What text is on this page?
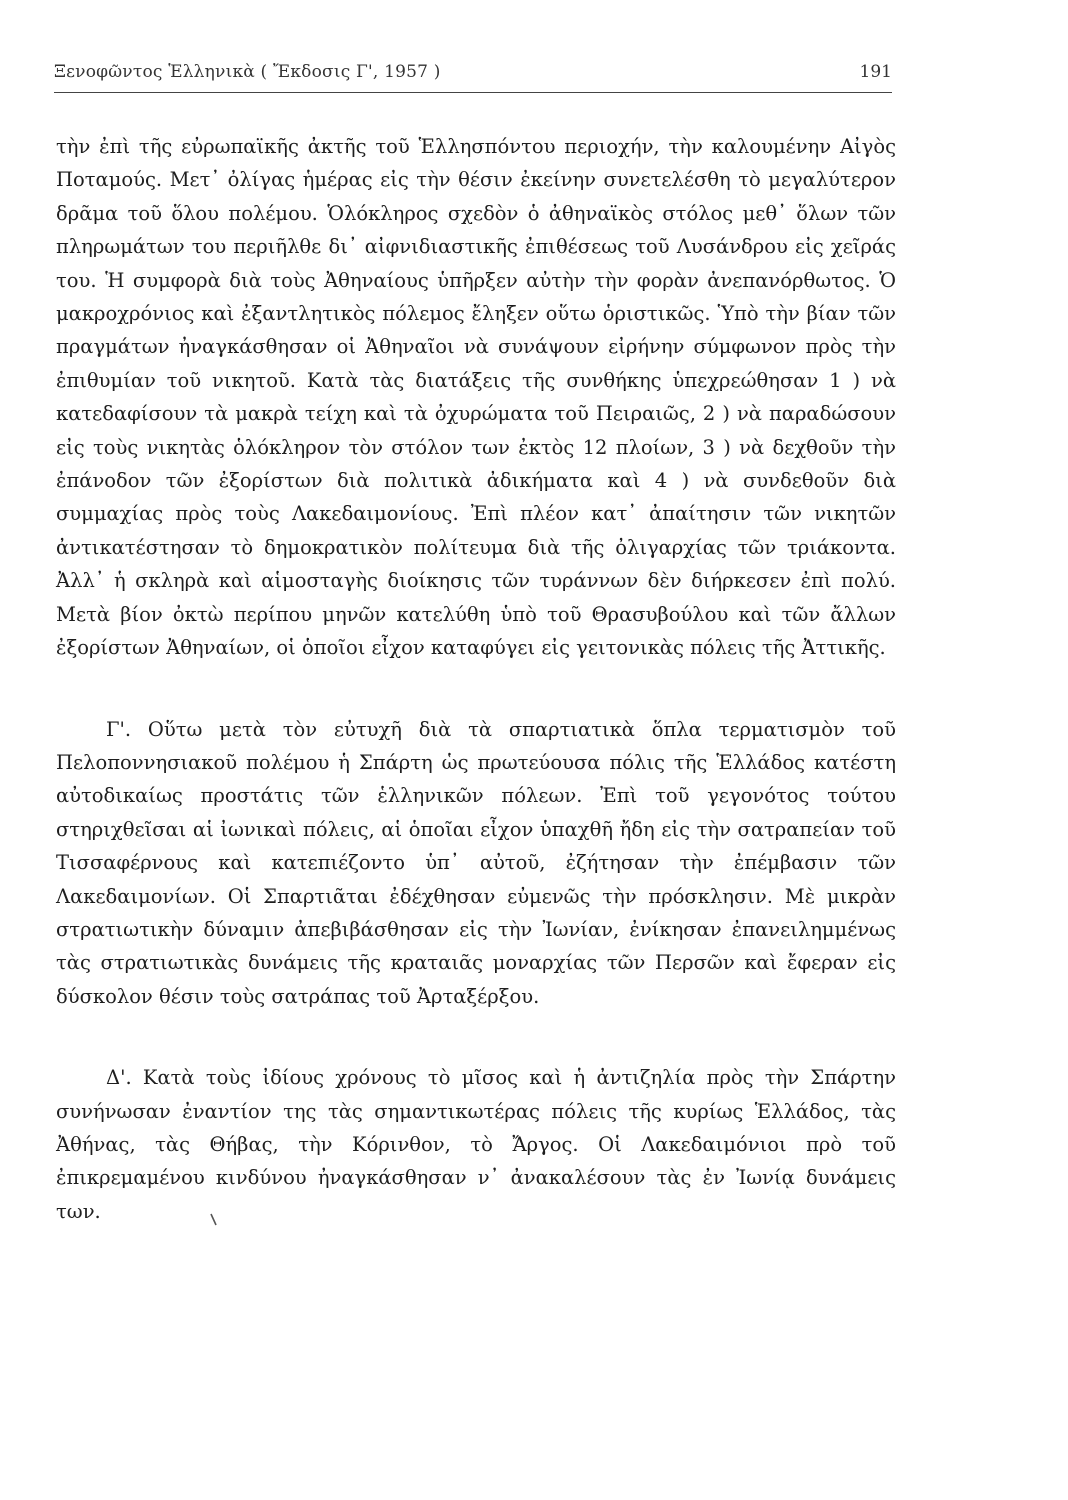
Ξενοφῶντος Ἑλληνικὰ ( Ἔκδοσις Γ', 1957 )	191

τὴν ἐπὶ τῆς εὐρωπαϊκῆς ἀκτῆς τοῦ Ἑλλησπόντου περιοχήν, τὴν καλουμένην Αἰγὸς Ποταμούς. Μετ᾽ ὀλίγας ἡμέρας εἰς τὴν θέσιν ἐκείνην συνετελέσθη τὸ μεγαλύτερον δρᾶμα τοῦ ὅλου πολέμου. Ὁλόκληρος σχεδὸν ὁ ἀθηναϊκὸς στόλος μεθ᾽ ὅλων τῶν πληρωμάτων του περιῆλθε δι᾽ αἰφνιδιαστικῆς ἐπιθέσεως τοῦ Λυσάνδρου εἰς χεῖράς του. Ἡ συμφορὰ διὰ τοὺς Ἀθηναίους ὑπῆρξεν αὐτὴν τὴν φορὰν ἀνεπανόρθωτος. Ὁ μακροχρόνιος καὶ ἐξαντλητικὸς πόλεμος ἔληξεν οὕτω ὁριστικῶς. Ὑπὸ τὴν βίαν τῶν πραγμάτων ἠναγκάσθησαν οἱ Ἀθηναῖοι νὰ συνάψουν εἰρήνην σύμφωνον πρὸς τὴν ἐπιθυμίαν τοῦ νικητοῦ. Κατὰ τὰς διατάξεις τῆς συνθήκης ὑπεχρεώθησαν 1 ) νὰ κατεδαφίσουν τὰ μακρὰ τείχη καὶ τὰ ὀχυρώματα τοῦ Πειραιῶς, 2 ) νὰ παραδώσουν εἰς τοὺς νικητὰς ὁλόκληρον τὸν στόλον των ἐκτὸς 12 πλοίων, 3 ) νὰ δεχθοῦν τὴν ἐπάνοδον τῶν ἐξορίστων διὰ πολιτικὰ ἀδικήματα καὶ 4 ) νὰ συνδεθοῦν διὰ συμμαχίας πρὸς τοὺς Λακεδαιμονίους. Ἐπὶ πλέον κατ᾽ ἀπαίτησιν τῶν νικητῶν ἀντικατέστησαν τὸ δημοκρατικὸν πολίτευμα διὰ τῆς ὀλιγαρχίας τῶν τριάκοντα. Ἀλλ᾽ ἡ σκληρὰ καὶ αἱμοσταγὴς διοίκησις τῶν τυράννων δὲν διήρκεσεν ἐπὶ πολύ. Μετὰ βίον ὀκτὼ περίπου μηνῶν κατελύθη ὑπὸ τοῦ Θρασυβούλου καὶ τῶν ἄλλων ἐξορίστων Ἀθηναίων, οἱ ὁποῖοι εἶχον καταφύγει εἰς γειτονικὰς πόλεις τῆς Ἀττικῆς.

Γ'. Οὕτω μετὰ τὸν εὐτυχῆ διὰ τὰ σπαρτιατικὰ ὅπλα τερματισμὸν τοῦ Πελοποννησιακοῦ πολέμου ἡ Σπάρτη ὡς πρωτεύουσα πόλις τῆς Ἑλλάδος κατέστη αὐτοδικαίως προστάτις τῶν ἑλληνικῶν πόλεων. Ἐπὶ τοῦ γεγονότος τούτου στηριχθεῖσαι αἱ ἰωνικαὶ πόλεις, αἱ ὁποῖαι εἶχον ὑπαχθῆ ἤδη εἰς τὴν σατραπείαν τοῦ Τισσαφέρνους καὶ κατεπιέζοντο ὑπ᾽ αὐτοῦ, ἐζήτησαν τὴν ἐπέμβασιν τῶν Λακεδαιμονίων. Οἱ Σπαρτιᾶται ἐδέχθησαν εὐμενῶς τὴν πρόσκλησιν. Μὲ μικρὰν στρατιωτικὴν δύναμιν ἀπεβιβάσθησαν εἰς τὴν Ἰωνίαν, ἐνίκησαν ἐπανειλημμένως τὰς στρατιωτικὰς δυνάμεις τῆς κραταιᾶς μοναρχίας τῶν Περσῶν καὶ ἔφεραν εἰς δύσκολον θέσιν τοὺς σατράπας τοῦ Ἀρταξέρξου.

Δ'. Κατὰ τοὺς ἰδίους χρόνους τὸ μῖσος καὶ ἡ ἀντιζηλία πρὸς τὴν Σπάρτην συνήνωσαν ἐναντίον της τὰς σημαντικωτέρας πόλεις τῆς κυρίως Ἑλλάδος, τὰς Ἀθήνας, τὰς Θήβας, τὴν Κόρινθον, τὸ Ἄργος. Οἱ Λακεδαιμόνιοι πρὸ τοῦ ἐπικρεμαμένου κινδύνου ἠναγκάσθησαν ν᾽ ἀνακαλέσουν τὰς ἐν Ἰωνίᾳ δυνάμεις των.
